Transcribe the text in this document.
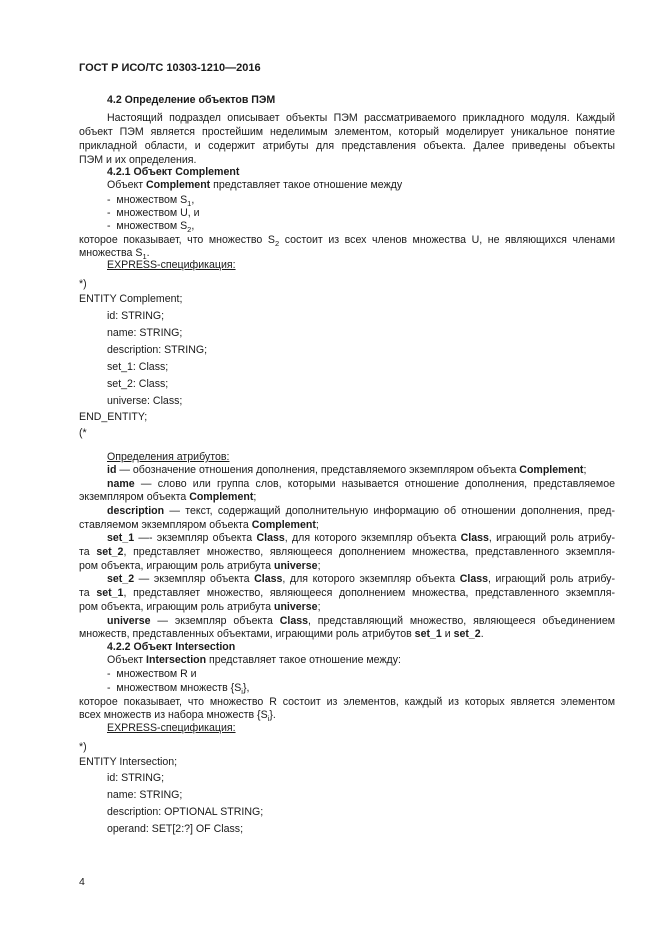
ГОСТ Р ИСО/ТС 10303-1210—2016
4.2 Определение объектов ПЭМ
Настоящий подраздел описывает объекты ПЭМ рассматриваемого прикладного модуля. Каждый
объект ПЭМ является простейшим неделимым элементом, который моделирует уникальное понятие
прикладной области, и содержит атрибуты для представления объекта. Далее приведены объекты
ПЭМ и их определения.
4.2.1 Объект Complement
Объект Complement представляет такое отношение между
- множеством $S_1$,
- множеством U, и
- множеством $S_2$,
которое показывает, что множество $S_2$ состоит из всех членов множества U, не являющихся членами
множества $S_1$.
EXPRESS-спецификация:
*)
ENTITY Complement;
id: STRING;
name: STRING;
description: STRING;
set_1: Class;
set_2: Class;
universe: Class;
END_ENTITY;
(*
Определения атрибутов:
id — обозначение отношения дополнения, представляемого экземпляром объекта Complement;
name — слово или группа слов, которыми называется отношение дополнения, представляемое
экземпляром объекта Complement;
description — текст, содержащий дополнительную информацию об отношении дополнения, пред-
ставляемом экземпляром объекта Complement;
set_1 —- экземпляр объекта Class, для которого экземпляр объекта Class, играющий роль атрибу-
та set_2, представляет множество, являющееся дополнением множества, представленного экземпля-
ром объекта, играющим роль атрибута universe;
set_2 — экземпляр объекта Class, для которого экземпляр объекта Class, играющий роль атрибу-
та set_1, представляет множество, являющееся дополнением множества, представленного экземпля-
ром объекта, играющим роль атрибута universe;
universe — экземпляр объекта Class, представляющий множество, являющееся объединением
множеств, представленных объектами, играющими роль атрибутов set_1 и set_2.
4.2.2 Объект Intersection
Объект Intersection представляет такое отношение между:
-  множеством R и
-  множеством множеств $\{S_i\}$,
которое показывает, что множество R состоит из элементов, каждый из которых является элементом
всех множеств из набора множеств $\{S_i\}$.
EXPRESS-спецификация:
*)
ENTITY Intersection;
id: STRING;
name: STRING;
description: OPTIONAL STRING;
operand: SET[2:?] OF Class;
4
